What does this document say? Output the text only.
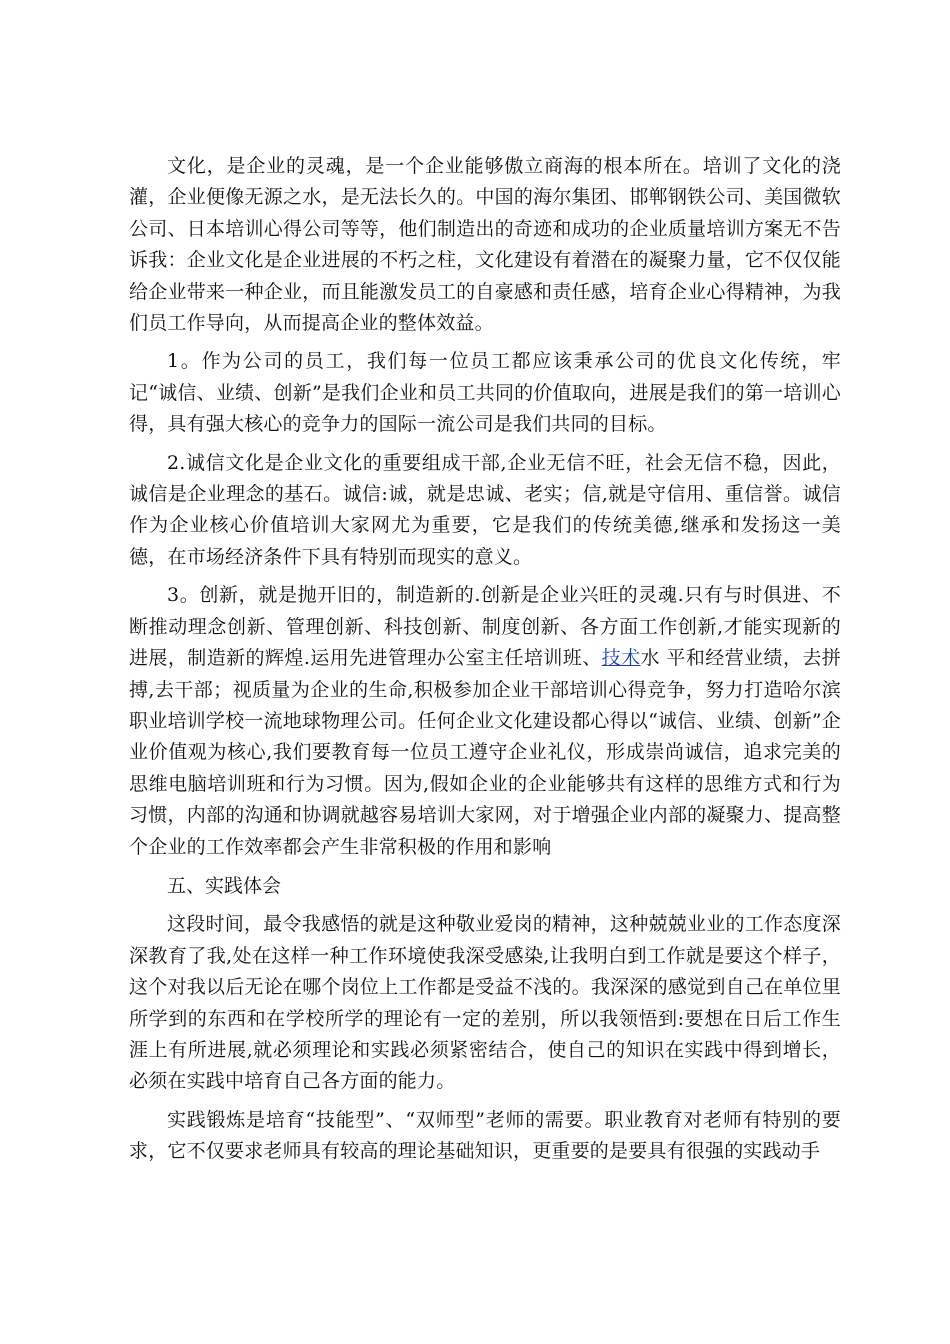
文化，是企业的灵魂，是一个企业能够傲立商海的根本所在。培训了文化的浇灌，企业便像无源之水，是无法长久的。中国的海尔集团、邯郸钢铁公司、美国微软公司、日本培训心得公司等等，他们制造出的奇迹和成功的企业质量培训方案无不告诉我：企业文化是企业进展的不朽之柱，文化建设有着潜在的凝聚力量，它不仅仅能给企业带来一种企业，而且能激发员工的自豪感和责任感，培育企业心得精神，为我们员工作导向，从而提高企业的整体效益。

1。作为公司的员工，我们每一位员工都应该秉承公司的优良文化传统，牢记“诚信、业绩、创新”是我们企业和员工共同的价值取向，进展是我们的第一培训心得，具有强大核心的竞争力的国际一流公司是我们共同的目标。

2.诚信文化是企业文化的重要组成干部,企业无信不旺，社会无信不稳，因此，诚信是企业理念的基石。诚信:诚，就是忠诚、老实；信,就是守信用、重信誉。诚信作为企业核心价值培训大家网尤为重要，它是我们的传统美德,继承和发扬这一美德，在市场经济条件下具有特别而现实的意义。

3。创新，就是抛开旧的，制造新的.创新是企业兴旺的灵魂.只有与时俱进、不断推动理念创新、管理创新、科技创新、制度创新、各方面工作创新,才能实现新的进展，制造新的辉煌.运用先进管理办公室主任培训班、技术水 平和经营业绩，去拼搏,去干部；视质量为企业的生命,积极参加企业干部培训心得竞争，努力打造哈尔滨职业培训学校一流地球物理公司。任何企业文化建设都心得以“诚信、业绩、创新”企业价值观为核心,我们要教育每一位员工遵守企业礼仪，形成崇尚诚信，追求完美的思维电脑培训班和行为习惯。因为,假如企业的企业能够共有这样的思维方式和行为习惯，内部的沟通和协调就越容易培训大家网，对于增强企业内部的凝聚力、提高整个企业的工作效率都会产生非常积极的作用和影响

五、实践体会

这段时间，最令我感悟的就是这种敬业爱岗的精神，这种兢兢业业的工作态度深深教育了我,处在这样一种工作环境使我深受感染,让我明白到工作就是要这个样子，这个对我以后无论在哪个岗位上工作都是受益不浅的。我深深的感觉到自己在单位里所学到的东西和在学校所学的理论有一定的差别，所以我领悟到:要想在日后工作生涯上有所进展,就必须理论和实践必须紧密结合，使自己的知识在实践中得到增长，必须在实践中培育自己各方面的能力。

实践锻炼是培育“技能型”、“双师型”老师的需要。职业教育对老师有特别的要求，它不仅要求老师具有较高的理论基础知识，更重要的是要具有很强的实践动手
